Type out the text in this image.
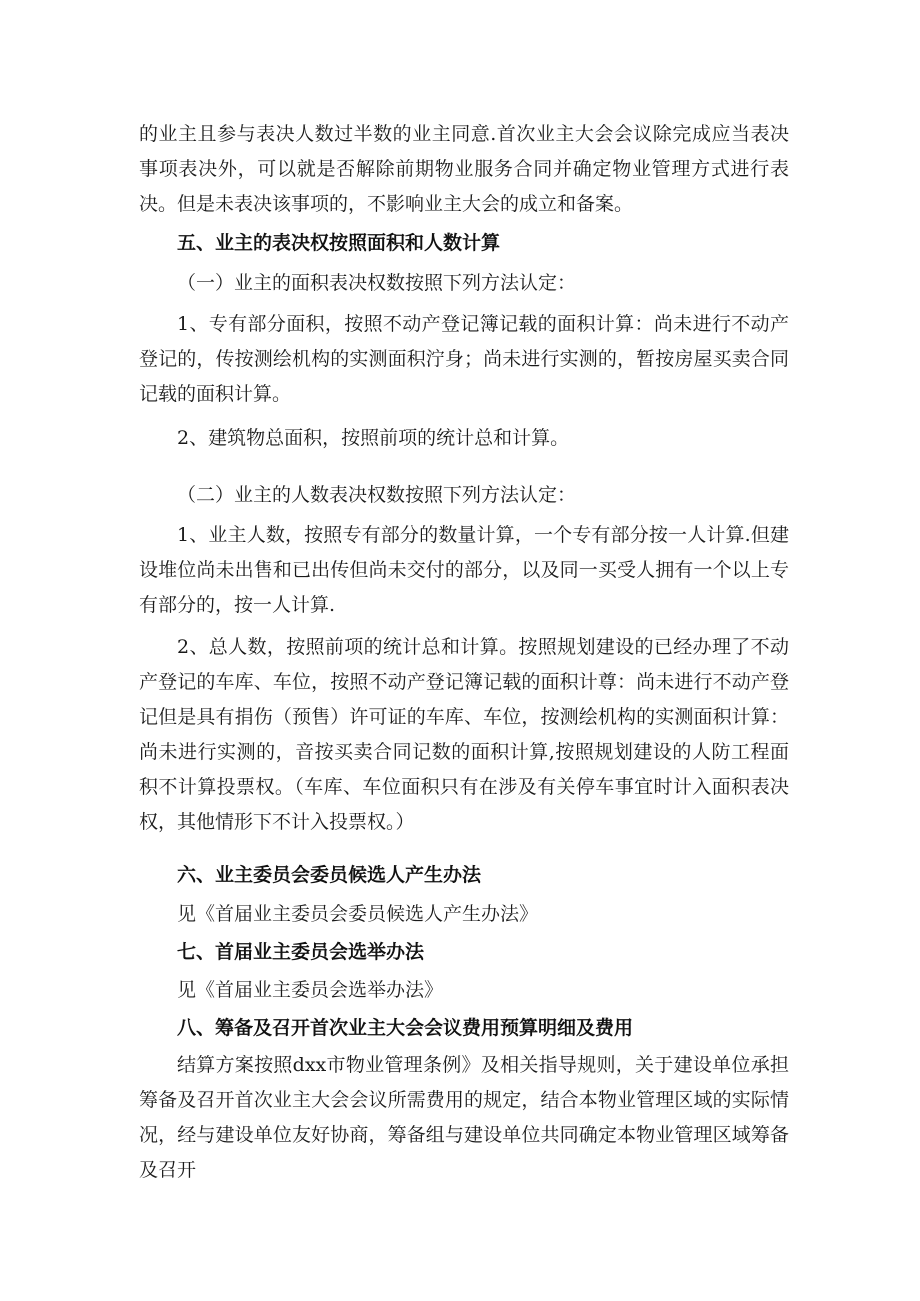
的业主且参与表决人数过半数的业主同意.首次业主大会会议除完成应当表决事项表决外，可以就是否解除前期物业服务合同并确定物业管理方式进行表决。但是未表决该事项的，不影响业主大会的成立和备案。

五、业主的表决权按照面积和人数计算

（一）业主的面积表决权数按照下列方法认定：

1、专有部分面积，按照不动产登记簿记载的面积计算：尚未进行不动产登记的，传按测绘机构的实测面积泞身；尚未进行实测的，暂按房屋买卖合同记载的面积计算。

2、建筑物总面积，按照前项的统计总和计算。

（二）业主的人数表决权数按照下列方法认定：

1、业主人数，按照专有部分的数量计算，一个专有部分按一人计算.但建设堆位尚未出售和已出传但尚未交付的部分，以及同一买受人拥有一个以上专有部分的，按一人计算.

2、总人数，按照前项的统计总和计算。按照规划建设的已经办理了不动产登记的车库、车位，按照不动产登记簿记载的面积计尊：尚未进行不动产登记但是具有捐伤（预售）许可证的车库、车位，按测绘机构的实测面积计算：尚未进行实测的，音按买卖合同记数的面积计算,按照规划建设的人防工程面积不计算投票权。（车库、车位面积只有在涉及有关停车事宜时计入面积表决权，其他情形下不计入投票权。）

六、业主委员会委员候选人产生办法

见《首届业主委员会委员候选人产生办法》

七、首届业主委员会选举办法

见《首届业主委员会选举办法》

八、筹备及召开首次业主大会会议费用预算明细及费用

结算方案按照dxx市物业管理条例》及相关指导规则，关于建设单位承担筹备及召开首次业主大会会议所需费用的规定，结合本物业管理区域的实际情况，经与建设单位友好协商，筹备组与建设单位共同确定本物业管理区域筹备及召开
